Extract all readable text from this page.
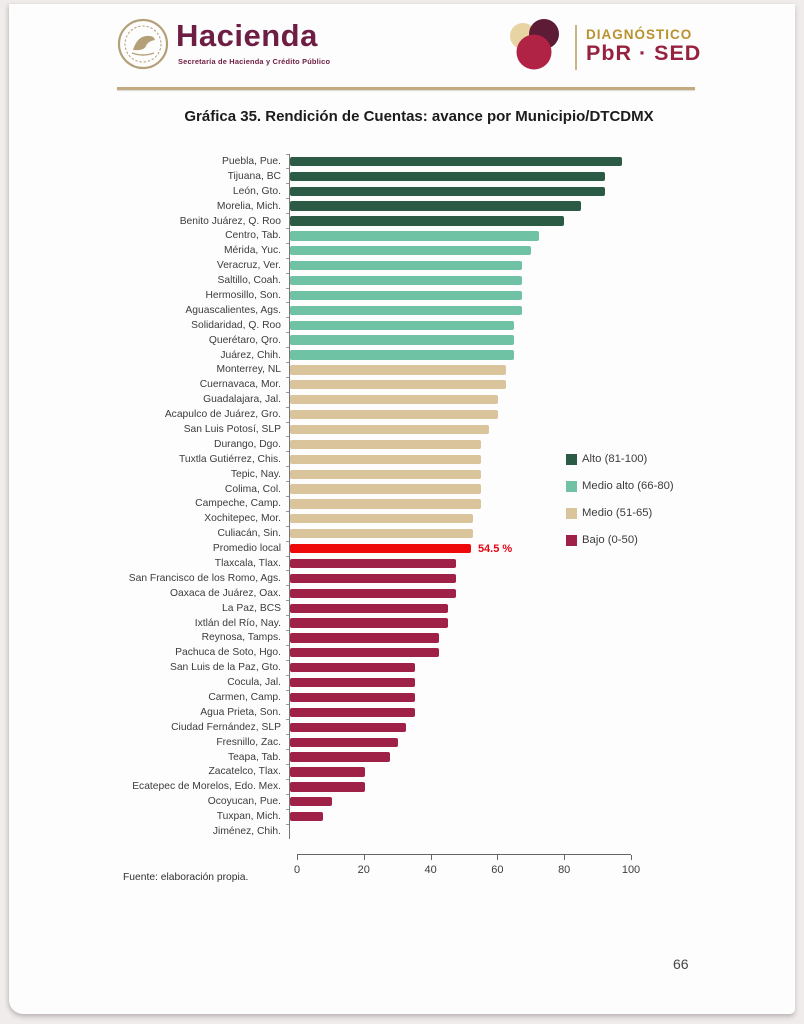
Hacienda
Secretaría de Hacienda y Crédito Público
DIAGNÓSTICO
PbR · SED
Gráfica 35. Rendición de Cuentas: avance por Municipio/DTCDMX
Puebla, Pue.
Tijuana, BC
León, Gto.
Morelia, Mich.
Benito Juárez, Q. Roo
Centro, Tab.
Mérida, Yuc.
Veracruz, Ver.
Saltillo, Coah.
Hermosillo, Son.
Aguascalientes, Ags.
Solidaridad, Q. Roo
Querétaro, Qro.
Juárez, Chih.
Monterrey, NL
Cuernavaca, Mor.
Guadalajara, Jal.
Acapulco de Juárez, Gro.
San Luis Potosí, SLP
Durango, Dgo.
Tuxtla Gutiérrez, Chis.
Tepic, Nay.
Colima, Col.
Campeche, Camp.
Xochitepec, Mor.
Culiacán, Sin.
Promedio local	54.5 %
Tlaxcala, Tlax.
San Francisco de los Romo, Ags.
Oaxaca de Juárez, Oax.
La Paz, BCS
Ixtlán del Río, Nay.
Reynosa, Tamps.
Pachuca de Soto, Hgo.
San Luis de la Paz, Gto.
Cocula, Jal.
Carmen, Camp.
Agua Prieta, Son.
Ciudad Fernández, SLP
Fresnillo, Zac.
Teapa, Tab.
Zacatelco, Tlax.
Ecatepec de Morelos, Edo. Mex.
Ocoyucan, Pue.
Tuxpan, Mich.
Jiménez, Chih.
0	20	40	60	80	100
Alto (81-100)
Medio alto (66-80)
Medio (51-65)
Bajo (0-50)
Fuente: elaboración propia.
66
